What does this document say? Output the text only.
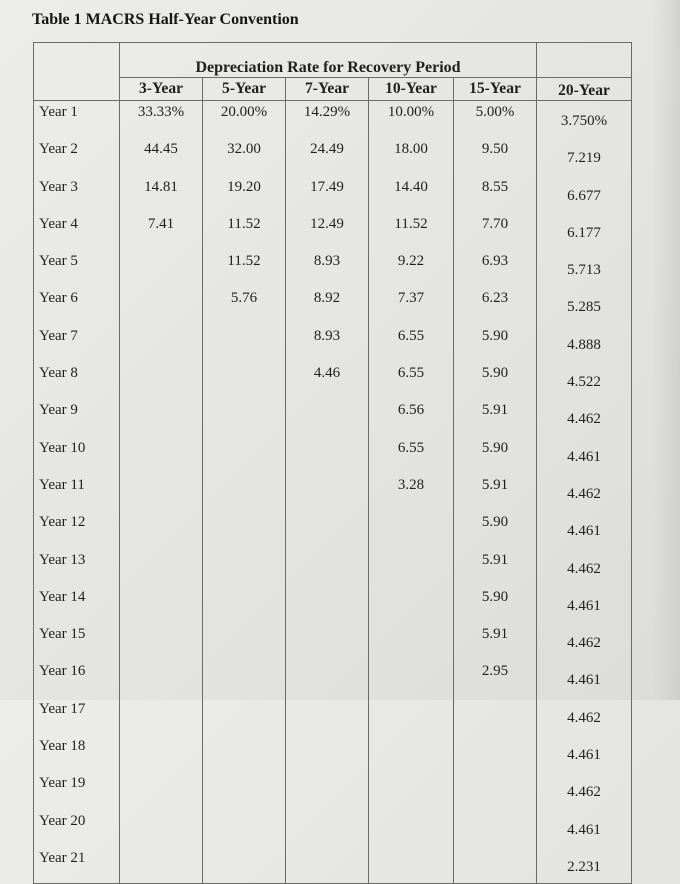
Table 1 MACRS Half-Year Convention
	Depreciation Rate for Recovery Period					
	3-Year	5-Year	7-Year	10-Year	15-Year	20-Year
Year 1	33.33%	20.00%	14.29%	10.00%	5.00%	3.750%
Year 2	44.45	32.00	24.49	18.00	9.50	7.219
Year 3	14.81	19.20	17.49	14.40	8.55	6.677
Year 4	7.41	11.52	12.49	11.52	7.70	6.177
Year 5		11.52	8.93	9.22	6.93	5.713
Year 6		5.76	8.92	7.37	6.23	5.285
Year 7			8.93	6.55	5.90	4.888
Year 8			4.46	6.55	5.90	4.522
Year 9				6.56	5.91	4.462
Year 10				6.55	5.90	4.461
Year 11				3.28	5.91	4.462
Year 12					5.90	4.461
Year 13					5.91	4.462
Year 14					5.90	4.461
Year 15					5.91	4.462
Year 16					2.95	4.461
Year 17						4.462
Year 18						4.461
Year 19						4.462
Year 20						4.461
Year 21						2.231
